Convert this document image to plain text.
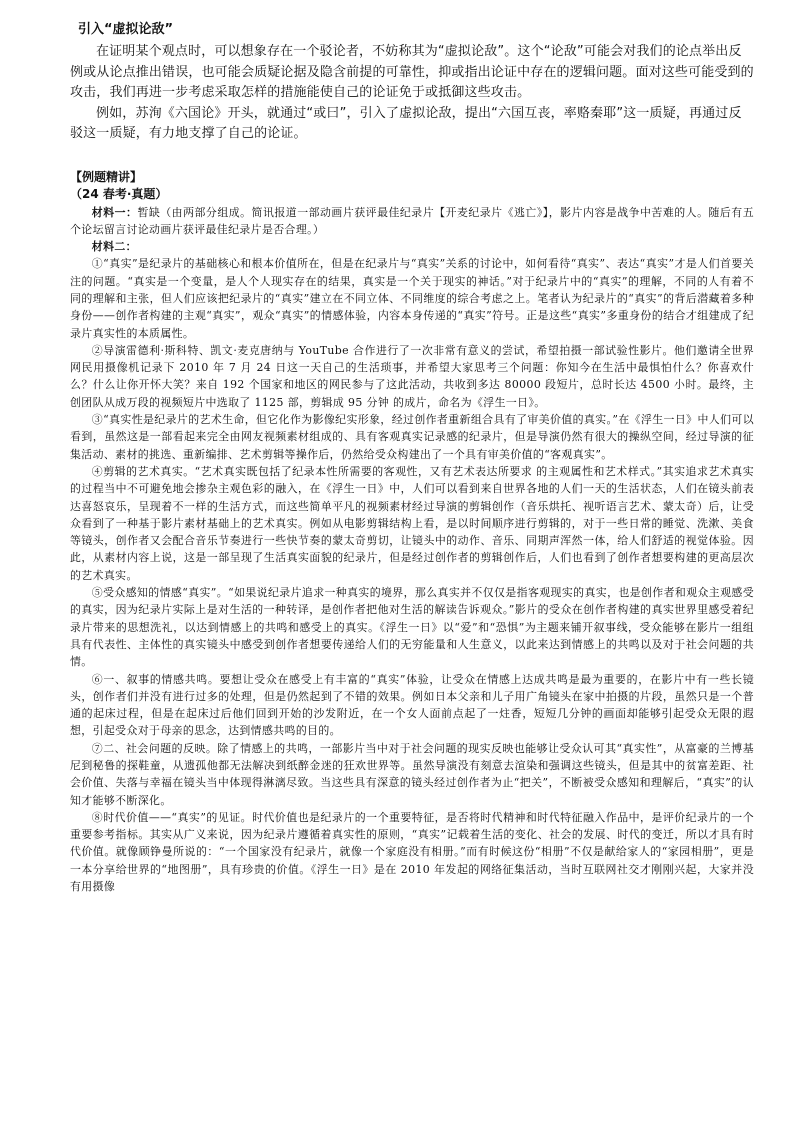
引入“虚拟论敌”

在证明某个观点时，可以想象存在一个驳论者，不妨称其为“虚拟论敌”。这个“论敌”可能会对我们的论点举出反例或从论点推出错误，也可能会质疑论据及隐含前提的可靠性，抑或指出论证中存在的逻辑问题。面对这些可能受到的攻击，我们再进一步考虑采取怎样的措施能使自己的论证免于或抵御这些攻击。

例如，苏洵《六国论》开头，就通过“或曰”，引入了虚拟论敌，提出“六国互丧，率赂秦耶”这一质疑，再通过反驳这一质疑，有力地支撑了自己的论证。

【例题精讲】
（24 春考·真题）

材料一：暂缺（由两部分组成。简讯报道一部动画片获评最佳纪录片【开麦纪录片《逃亡》】，影片内容是战争中苦难的人。随后有五个论坛留言讨论动画片获评最佳纪录片是否合理。）

材料二：

①“真实”是纪录片的基础核心和根本价值所在，但是在纪录片与“真实”关系的讨论中，如何看待“真实”、表达“真实”才是人们首要关注的问题。“真实是一个变量，是人个人现实存在的结果，真实是一个关于现实的神话。”对于纪录片中的“真实”的理解，不同的人有着不同的理解和主张，但人们应该把纪录片的“真实”建立在不同立体、不同维度的综合考虑之上。笔者认为纪录片的“真实”的背后潜藏着多种身份——创作者构建的主观“真实”，观众“真实”的情感体验，内容本身传递的“真实”符号。正是这些“真实”多重身份的结合才组建成了纪录片真实性的本质属性。

②导演雷德利·斯科特、凯文·麦克唐纳与 YouTube 合作进行了一次非常有意义的尝试，希望拍摄一部试验性影片。他们邀请全世界网民用摄像机记录下 2010 年 7 月 24 日这一天自己的生活琐事，并希望大家思考三个问题：你知今在生活中最惧怕什么？你喜欢什么？什么让你开怀大笑？来自 192 个国家和地区的网民参与了这此活动，共收到多达 80000 段短片，总时长达 4500 小时。最终，主创团队从成万段的视频短片中选取了 1125 部，剪辑成 95 分钟 的成片，命名为《浮生一日》。

③“真实性是纪录片的艺术生命，但它化作为影像纪实形象，经过创作者重新组合具有了审美价值的真实。”在《浮生一日》中人们可以看到，虽然这是一部看起来完全由网友视频素材组成的、具有客观真实记录感的纪录片，但是导演仍然有很大的操纵空间，经过导演的征集活动、素材的挑选、重新编排、艺术剪辑等操作后，仍然给受众构建出了一个具有审美价值的“客观真实”。

④剪辑的艺术真实。“艺术真实既包括了纪录本性所需要的客观性，又有艺术表达所要求 的主观属性和艺术样式。”其实追求艺术真实的过程当中不可避免地会掺杂主观色彩的融入，在《浮生一日》中，人们可以看到来自世界各地的人们一天的生活状态，人们在镜头前表达喜怒哀乐，呈现着不一样的生活方式，而这些简单平凡的视频素材经过导演的剪辑创作（音乐烘托、视听语言艺术、蒙太奇）后，让受众看到了一种基于影片素材基础上的艺术真实。例如从电影剪辑结构上看，是以时间顺序进行剪辑的，对于一些日常的睡觉、洗漱、美食等镜头，创作者又会配合音乐节奏进行一些快节奏的蒙太奇剪切，让镜头中的动作、音乐、同期声浑然一体，给人们舒适的视觉体验。因此，从素材内容上说，这是一部呈现了生活真实面貌的纪录片，但是经过创作者的剪辑创作后，人们也看到了创作者想要构建的更高层次的艺术真实。

⑤受众感知的情感“真实”。“如果说纪录片追求一种真实的境界，那么真实并不仅仅是指客观现实的真实，也是创作者和观众主观感受的真实，因为纪录片实际上是对生活的一种转译，是创作者把他对生活的解读告诉观众。”影片的受众在创作者构建的真实世界里感受着纪录片带来的思想洗礼，以达到情感上的共鸣和感受上的真实。《浮生一日》以“爱”和“恐惧”为主题来铺开叙事线，受众能够在影片一组组具有代表性、主体性的真实镜头中感受到创作者想要传递给人们的无穷能量和人生意义，以此来达到情感上的共鸣以及对于社会问题的共情。

⑥一、叙事的情感共鸣。要想让受众在感受上有丰富的“真实”体验，让受众在情感上达成共鸣是最为重要的，在影片中有一些长镜头，创作者们并没有进行过多的处理，但是仍然起到了不错的效果。例如日本父亲和儿子用广角镜头在家中拍摄的片段，虽然只是一个普通的起床过程，但是在起床过后他们回到开始的沙发附近，在一个女人面前点起了一炷香，短短几分钟的画面却能够引起受众无限的遐想，引起受众对于母亲的思念，达到情感共鸣的目的。

⑦二、社会问题的反映。除了情感上的共鸣，一部影片当中对于社会问题的现实反映也能够让受众认可其“真实性”，从富豪的兰博基尼到秘鲁的探鞋童，从遗孤他都无法解决到纸醉金迷的狂欢世界等。虽然导演没有刻意去渲染和强调这些镜头，但是其中的贫富差距、社会价值、失落与幸福在镜头当中体现得淋漓尽致。当这些具有深意的镜头经过创作者为止“把关”，不断被受众感知和理解后，“真实”的认知才能够不断深化。

⑧时代价值——“真实”的见证。时代价值也是纪录片的一个重要特征，是否将时代精神和时代特征融入作品中，是评价纪录片的一个重要参考指标。其实从广义来说，因为纪录片遵循着真实性的原则，“真实”记载着生活的变化、社会的发展、时代的变迁，所以才具有时代价值。就像顾铮曼所说的：“一个国家没有纪录片，就像一个家庭没有相册。”而有时候这份“相册”不仅是献给家人的“家园相册”，更是一本分享给世界的“地图册”，具有珍贵的价值。《浮生一日》是在 2010 年发起的网络征集活动，当时互联网社交才刚刚兴起，大家并没有用摄像
